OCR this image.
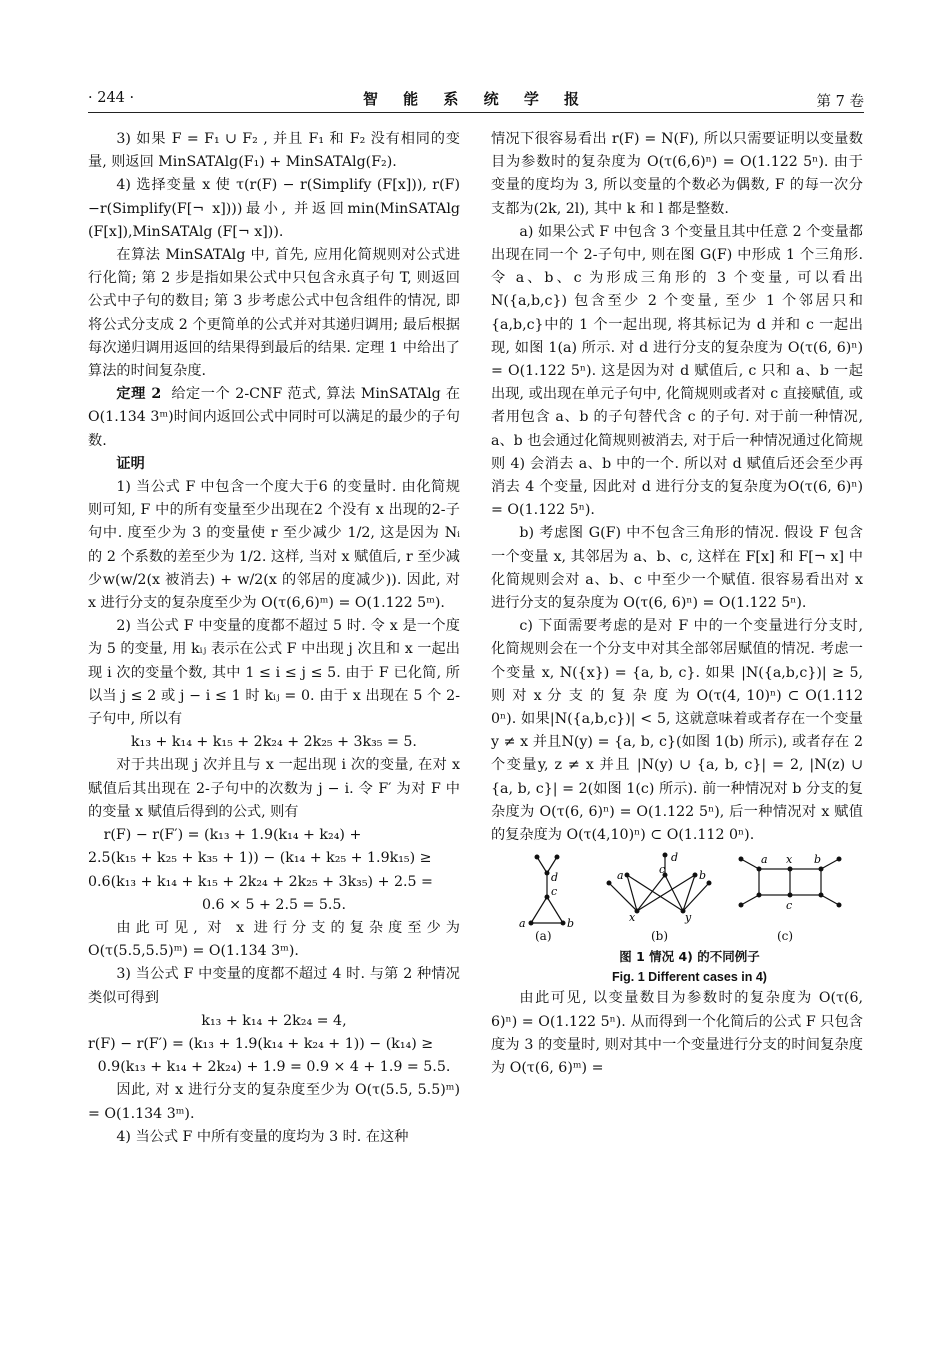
· 244 ·	智 能 系 统 学 报	第 7 卷

3) 如果 F = F₁ ∪ F₂ , 并且 F₁ 和 F₂ 没有相同的变量, 则返回 MinSATAlg(F₁) + MinSATAlg(F₂).

4) 选择变量 x 使 τ(r(F) − r(Simplify (F[x])), r(F) −r(Simplify(F[¬ x])))最小, 并返回min(MinSATAlg (F[x]),MinSATAlg (F[¬ x])).

在算法 MinSATAlg 中, 首先, 应用化简规则对公式进行化简; 第 2 步是指如果公式中只包含永真子句 T, 则返回公式中子句的数目; 第 3 步考虑公式中包含组件的情况, 即将公式分支成 2 个更简单的公式并对其递归调用; 最后根据每次递归调用返回的结果得到最后的结果. 定理 1 中给出了算法的时间复杂度.

定理 2 给定一个 2-CNF 范式, 算法 MinSATAlg 在O(1.134 3ᵐ)时间内返回公式中同时可以满足的最少的子句数.

证明

1) 当公式 F 中包含一个度大于6 的变量时. 由化简规则可知, F 中的所有变量至少出现在2 个没有 x 出现的2-子句中. 度至少为 3 的变量使 r 至少减少 1/2, 这是因为 Nᵢ 的 2 个系数的差至少为 1/2. 这样, 当对 x 赋值后, r 至少减少w(w/2(x 被消去) + w/2(x 的邻居的度减少)). 因此, 对 x 进行分支的复杂度至少为 O(τ(6,6)ᵐ) = O(1.122 5ᵐ).

2) 当公式 F 中变量的度都不超过 5 时. 令 x 是一个度为 5 的变量, 用 kᵢⱼ 表示在公式 F 中出现 j 次且和 x 一起出现 i 次的变量个数, 其中 1 ≤ i ≤ j ≤ 5. 由于 F 已化简, 所以当 j ≤ 2 或 j − i ≤ 1 时 kᵢⱼ = 0. 由于 x 出现在 5 个 2-子句中, 所以有

k₁₃ + k₁₄ + k₁₅ + 2k₂₄ + 2k₂₅ + 3k₃₅ = 5.

对于共出现 j 次并且与 x 一起出现 i 次的变量, 在对 x 赋值后其出现在 2-子句中的次数为 j − i. 令 F′ 为对 F 中的变量 x 赋值后得到的公式, 则有

r(F) − r(F′) = (k₁₃ + 1.9(k₁₄ + k₂₄) +

2.5(k₁₅ + k₂₅ + k₃₅ + 1)) − (k₁₄ + k₂₅ + 1.9k₁₅) ≥

0.6(k₁₃ + k₁₄ + k₁₅ + 2k₂₄ + 2k₂₅ + 3k₃₅) + 2.5 =

0.6 × 5 + 2.5 = 5.5.

由此可见, 对 x 进行分支的复杂度至少为 O(τ(5.5,5.5)ᵐ) = O(1.134 3ᵐ).

3) 当公式 F 中变量的度都不超过 4 时. 与第 2 种情况类似可得到

k₁₃ + k₁₄ + 2k₂₄ = 4,

r(F) − r(F′) = (k₁₃ + 1.9(k₁₄ + k₂₄ + 1)) − (k₁₄) ≥

0.9(k₁₃ + k₁₄ + 2k₂₄) + 1.9 = 0.9 × 4 + 1.9 = 5.5.

因此, 对 x 进行分支的复杂度至少为 O(τ(5.5, 5.5)ᵐ) = O(1.134 3ᵐ).

4) 当公式 F 中所有变量的度均为 3 时. 在这种

情况下很容易看出 r(F) = N(F), 所以只需要证明以变量数目为参数时的复杂度为 O(τ(6,6)ⁿ) = O(1.122 5ⁿ). 由于变量的度均为 3, 所以变量的个数必为偶数, F 的每一次分支都为(2k, 2l), 其中 k 和 l 都是整数.

a) 如果公式 F 中包含 3 个变量且其中任意 2 个变量都出现在同一个 2-子句中, 则在图 G(F) 中形成 1 个三角形. 令 a、b、c 为形成三角形的 3 个变量, 可以看出 N({a,b,c}) 包含至少 2 个变量, 至少 1 个邻居只和{a,b,c}中的 1 个一起出现, 将其标记为 d 并和 c 一起出现, 如图 1(a) 所示. 对 d 进行分支的复杂度为 O(τ(6, 6)ⁿ) = O(1.122 5ⁿ). 这是因为对 d 赋值后, c 只和 a、b 一起出现, 或出现在单元子句中, 化简规则或者对 c 直接赋值, 或者用包含 a、b 的子句替代含 c 的子句. 对于前一种情况, a、b 也会通过化简规则被消去, 对于后一种情况通过化简规则 4) 会消去 a、b 中的一个. 所以对 d 赋值后还会至少再消去 4 个变量, 因此对 d 进行分支的复杂度为O(τ(6, 6)ⁿ) = O(1.122 5ⁿ).

b) 考虑图 G(F) 中不包含三角形的情况. 假设 F 包含一个变量 x, 其邻居为 a、b、c, 这样在 F[x] 和 F[¬ x] 中化简规则会对 a、b、c 中至少一个赋值. 很容易看出对 x 进行分支的复杂度为 O(τ(6, 6)ⁿ) = O(1.122 5ⁿ).

c) 下面需要考虑的是对 F 中的一个变量进行分支时, 化简规则会在一个分支中对其全部邻居赋值的情况. 考虑一个变量 x, N({x}) = {a, b, c}. 如果 |N({a,b,c})| ≥ 5, 则 对 x 分 支 的 复 杂 度 为 O(τ(4, 10)ⁿ) ⊂ O(1.112 0ⁿ). 如果|N({a,b,c})| < 5, 这就意味着或者存在一个变量 y ≠ x 并且N(y) = {a, b, c}(如图 1(b) 所示), 或者存在 2 个变量y, z ≠ x 并且 |N(y) ∪ {a, b, c}| = 2, |N(z) ∪ {a, b, c}| = 2(如图 1(c) 所示). 前一种情况对 b 分支的复杂度为 O(τ(6, 6)ⁿ) = O(1.122 5ⁿ), 后一种情况对 x 赋值的复杂度为 O(τ(4,10)ⁿ) ⊂ O(1.112 0ⁿ).

d
c
a	b
d
c
a	b
x	y
a x b
c
(a)	(b)	(c)

图 1 情况 4) 的不同例子

Fig. 1 Different cases in 4)

由此可见, 以变量数目为参数时的复杂度为 O(τ(6, 6)ⁿ) = O(1.122 5ⁿ). 从而得到一个化简后的公式 F 只包含度为 3 的变量时, 则对其中一个变量进行分支的时间复杂度为 O(τ(6, 6)ᵐ) =
